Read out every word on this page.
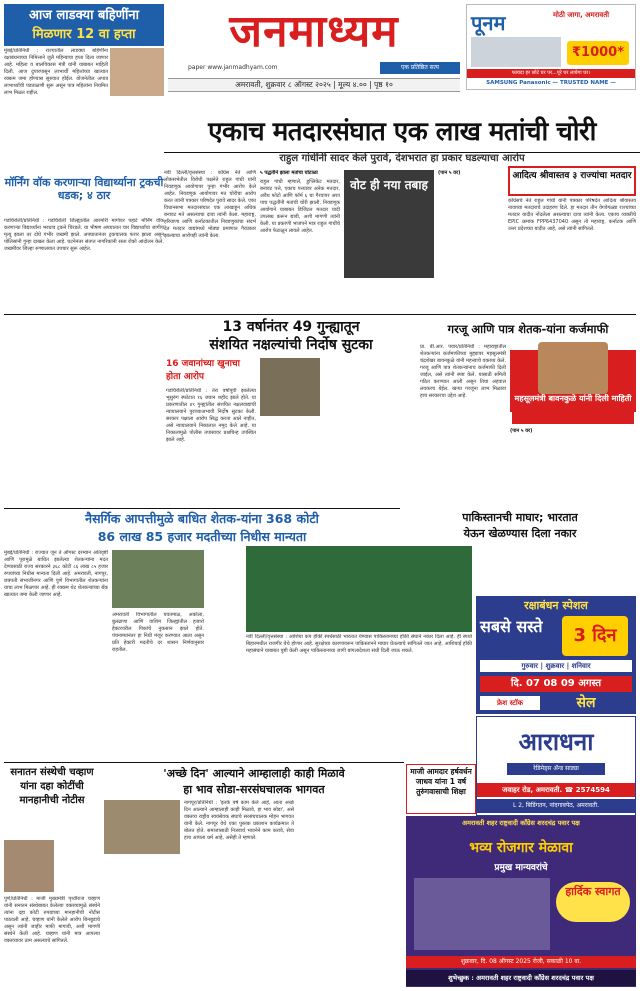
आज लाडक्या बहिणींना
मिळणार 12 वा हप्ता

मुंबई/प्रतिनिधी : राज्यातील लाडक्या बहिणींना रक्षाबंधनाच्या निमित्ताने जुलै महिन्याचा हप्ता दिला जाणार आहे. महिला व बालविकास मंत्री यांनी याबाबत माहिती दिली. आज दुपारपासून लाभार्थी महिलांच्या खात्यात रक्कम जमा होण्यास सुरुवात होईल. योजनेतील अपात्र लाभार्थ्यांची पडताळणी सुरू असून पात्र महिलांना नियमित लाभ मिळत राहील.

जनमाध्यम
paper www.janmadhyam.com	एक प्रतिष्ठित सत्य
अमरावती, शुक्रवार ८ ऑगस्ट २०२५ | मूल्य ४.०० | पृष्ठ १०
पूनम	मोठी जागा, अमरावती
₹1000*
फायदा हर छोटे घर पर...पूरे घर लायेगा घर।
SAMSUNG Panasonic — TRUSTED NAME —
एकाच मतदारसंघात एक लाख मतांची चोरी
राहुल गांधींनी सादर केले पुरावे, देशभरात हा प्रकार घडल्याचा आरोप

नवी दिल्ली/वृत्तसंस्था : काँग्रेस नेते आणि लोकसभेतील विरोधी पक्षनेते राहुल गांधी यांनी निवडणूक आयोगावर पुन्हा गंभीर आरोप केले आहेत. निवडणूक आयोगावर मत चोरीचा आरोप करत त्यांनी पत्रकार परिषदेत पुरावे सादर केले. एका विधानसभा मतदारसंघात एक लाखाहून अधिक बनावट मते असल्याचा दावा त्यांनी केला. महाराष्ट्र, हरियाणा आणि कर्नाटकातील निवडणुकांचा संदर्भ देत मतदार याद्यांमध्ये मोठ्या प्रमाणात गैरप्रकार झाल्याचा आरोपही त्यांनी केला.

५ पद्धतीने झाला मतांचा घोटाळा

राहुल गांधी म्हणाले, डुप्लिकेट मतदार, बनावट पत्ते, एकाच पत्त्यावर अनेक मतदार, अवैध फोटो आणि फॉर्म ६ चा गैरवापर अशा पाच पद्धतींनी मतांची चोरी झाली. निवडणूक आयोगाने याबाबत डिजिटल मतदार यादी उपलब्ध करून द्यावी, अशी मागणी त्यांनी केली. या प्रकरणी भाजपने मात्र राहुल गांधींचे आरोप फेटाळून लावले आहेत.

वोट ही नया तबाह

(पान ५ वर)	आदित्य श्रीवास्तव ३ राज्यांचा मतदार

काँग्रेसचे नेते राहुल गांधी यांनी पत्रकार परिषदेत आदित्य श्रीवास्तव नावाच्या मतदाराचे उदाहरण दिले. हा मतदार तीन वेगवेगळ्या राज्यांच्या मतदार यादीत नोंदलेला असल्याचा दावा त्यांनी केला. एकाच व्यक्तीचे EPIC क्रमांक FPP6437040 असून तो महाराष्ट्र, कर्नाटक आणि उत्तर प्रदेशच्या यादीत आहे, असे त्यांनी सांगितले.

मॉर्निंग वॉक करणाऱ्या विद्यार्थ्याना ट्रकची धडक; ४ ठार

गडचिरोली/प्रतिनिधी : गडचिरोली जिल्ह्यातील आरमोरी मार्गावर पहाटे मॉर्निंग वॉक करणाऱ्या विद्यार्थ्यांना भरधाव ट्रकने चिरडले. या भीषण अपघातात चार विद्यार्थ्यांचा जागीच मृत्यू झाला तर दोघे गंभीर जखमी झाले. अपघातानंतर ट्रकचालक फरार झाला असून पोलिसांनी गुन्हा दाखल केला आहे. घटनेनंतर संतप्त नागरिकांनी रस्ता रोको आंदोलन केले. जखमींवर जिल्हा रुग्णालयात उपचार सुरू आहेत.

13 वर्षानंतर 49 गुन्ह्यातून
संशयित नक्षल्यांची निर्दोष सुटका
16 जवानांच्या खुनाचा होता आरोप

गडचिरोली/प्रतिनिधी : तेरा वर्षांपूर्वी झालेल्या भूसुरुंग स्फोटात १६ जवान शहीद झाले होते. या प्रकरणातील ४९ गुन्ह्यांतील संशयित नक्षलवाद्यांची न्यायालयाने पुराव्याअभावी निर्दोष सुटका केली. सरकार पक्षाला आरोप सिद्ध करता आले नाहीत, असे न्यायालयाने निकालात नमूद केले आहे. या निकालामुळे पोलीस तपासावर प्रश्नचिन्ह उपस्थित झाले आहे.

गरजू आणि पात्र शेतक-यांना कर्जमाफी
महसूलमंत्री बावनकुळे यांनी दिली माहिती

प्रा. बी.आर. पवार/प्रतिनिधी : महाराष्ट्रातील शेतकऱ्यांना कर्जमाफीच्या मुद्द्यावर महसूलमंत्री चंद्रशेखर बावनकुळे यांनी महत्त्वाचे वक्तव्य केले. गरजू आणि पात्र शेतकऱ्यांनाच कर्जमाफी दिली जाईल, असे त्यांनी स्पष्ट केले. यासाठी समिती गठित करण्यात आली असून तिचा अहवाल लवकरच येईल. खऱ्या गरजूंना लाभ मिळावा हाच सरकारचा उद्देश आहे.

(पान ५ वर)

नैसर्गिक आपत्तीमुळे बाधित शेतक-यांना 368 कोटी
86 लाख 85 हजार मदतीच्या निधीस मान्यता

मुंबई/प्रतिनिधी : राज्यात जून ते ऑगस्ट दरम्यान अतिवृष्टी आणि पूरामुळे बाधित झालेल्या शेतकऱ्यांना मदत देण्यासाठी राज्य सरकारने ३६८ कोटी ८६ लाख ८५ हजार रुपयांच्या निधीस मान्यता दिली आहे. अमरावती, नागपूर, छत्रपती संभाजीनगर आणि पुणे विभागातील शेतकऱ्यांना याचा लाभ मिळणार आहे. ही रक्कम थेट शेतकऱ्यांच्या बँक खात्यात जमा केली जाणार आहे.

अमरावती विभागातील यवतमाळ, अकोला, बुलढाणा आणि वाशिम जिल्ह्यांतील हजारो हेक्टरवरील पिकांचे नुकसान झाले होते. पंचनाम्यानंतर हा निधी मंजूर करण्यात आला असून प्रति हेक्टरी मदतीचे दर शासन निर्णयानुसार राहतील.

पाकिस्तानची माघार; भारतात
येऊन खेळण्यास दिला नकार

नवी दिल्ली/वृत्तसंस्था : आशिया कप हॉकी स्पर्धेसाठी भारतात येण्यास पाकिस्तानच्या हॉकी संघाने नकार दिला आहे. ही स्पर्धा बिहारमधील राजगीर येथे होणार आहे. सुरक्षेच्या कारणावरून पाकिस्तानने माघार घेतल्याचे सांगितले जात आहे. आशियाई हॉकी महासंघाने याबाबत पुष्टी केली असून पाकिस्तानच्या जागी बांगलादेशला संधी दिली जाऊ शकते.

रक्षाबंधन स्पेशल
सबसे सस्ते	3 दिन
गुरुवार | शुक्रवार | शनिवार
दि. 07 08 09 अगस्त
फ्रेश स्टॉक	सेल
आराधना
रेडिमेड्स ॲन्ड साड्या
जवाहर रोड, अमरावती. ☎ 2574594
L 2, बिडिंगतन, नांदगावपेठ, अमरावती.
सनातन संस्थेची चव्हाण यांना दहा कोटींची मानहानीची नोटीस

पुणे/प्रतिनिधी : माजी मुख्यमंत्री पृथ्वीराज चव्हाण यांनी सनातन संस्थेबाबत केलेल्या वक्तव्यामुळे संस्थेने त्यांना दहा कोटी रुपयांच्या मानहानीची नोटीस पाठवली आहे. चव्हाण यांनी केलेले आरोप बिनबुडाचे असून त्यांनी जाहीर माफी मागावी, अशी मागणी संस्थेने केली आहे. चव्हाण यांनी मात्र आपल्या वक्तव्यावर ठाम असल्याचे सांगितले.

'अच्छे दिन' आल्याने आम्हालाही काही मिळावे
हा भाव सोडा-सरसंघचालक भागवत

नागपूर/प्रतिनिधी : 'इतके वर्ष काम केले आहे, आता अच्छे दिन आल्याने आम्हालाही काही मिळावे, हा भाव सोडा', असे वक्तव्य राष्ट्रीय स्वयंसेवक संघाचे सरसंघचालक मोहन भागवत यांनी केले. नागपूर येथे एका पुस्तक प्रकाशन कार्यक्रमात ते बोलत होते. समाजासाठी निःस्वार्थ भावनेने काम करावे, सेवा हाच आपला धर्म आहे, असेही ते म्हणाले.

माजी आमदार हर्षवर्धन जाधव यांना 1 वर्ष तुरुंगवासाची शिक्षा
अमरावती शहर राष्ट्रवादी काँग्रेस शरदचंद्र पवार पक्ष
भव्य रोजगार मेळावा
प्रमुख मान्यवरांचे
हार्दिक स्वागत
शुक्रवार, दि. 08 ऑगस्ट 2025 रोजी, सकाळी 10 वा.
शुभेच्छुक : अमरावती शहर राष्ट्रवादी काँग्रेस शरदचंद्र पवार पक्ष
